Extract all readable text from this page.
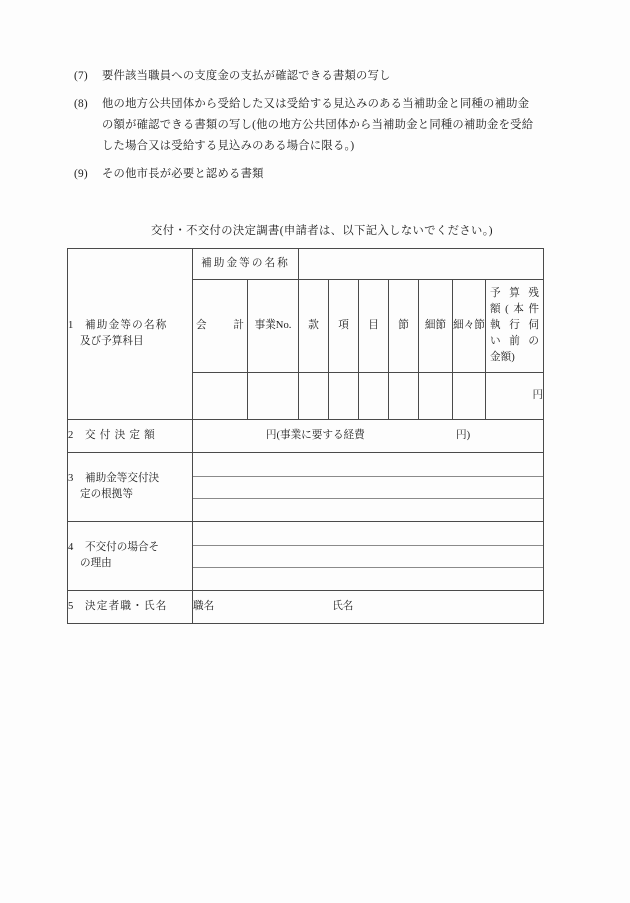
(7)	要件該当職員への支度金の支払が確認できる書類の写し
(8)	他の地方公共団体から受給した又は受給する見込みのある当補助金と同種の補助金
の額が確認できる書類の写し(他の地方公共団体から当補助金と同種の補助金を受給
した場合又は受給する見込みのある場合に限る。)
(9)	その他市長が必要と認める書類
交付・不交付の決定調書(申請者は、以下記入しないでください。)
1 補助金等の名称
及び予算科目	補助金等の名称								

	会　　計	事業No.	款	項	目	節	細節	細々節	予算残
額(本件
執行伺
い前の
金額)

									円

2 交付決定額	円(事業に要する経費 円)								

3 補助金等交付決
定の根拠等									

4 不交付の場合そ
の理由									

5 決定者職・氏名	職名 氏名								
